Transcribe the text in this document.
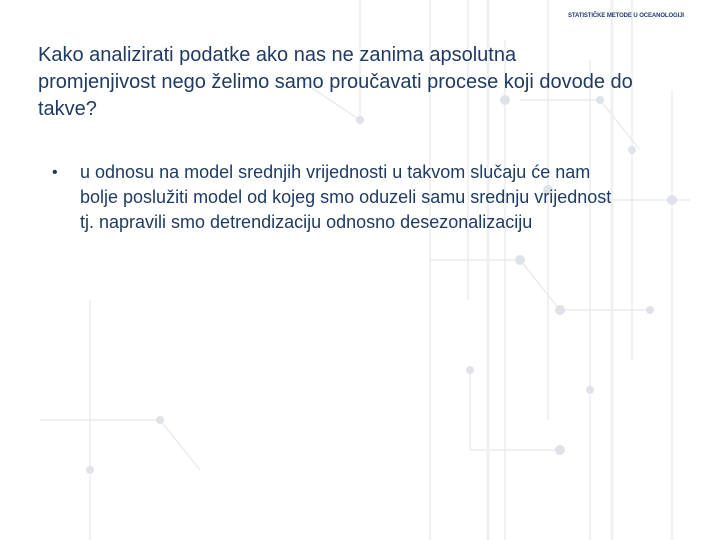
STATISTIČKE METODE U OCEANOLOGIJI
Kako analizirati podatke ako nas ne zanima apsolutna promjenjivost nego želimo samo proučavati procese koji dovode do takve?
• u odnosu na model srednjih vrijednosti u takvom slučaju će nam bolje poslužiti model od kojeg smo oduzeli samu srednju vrijednost tj. napravili smo detrendizaciju odnosno desezonalizaciju
